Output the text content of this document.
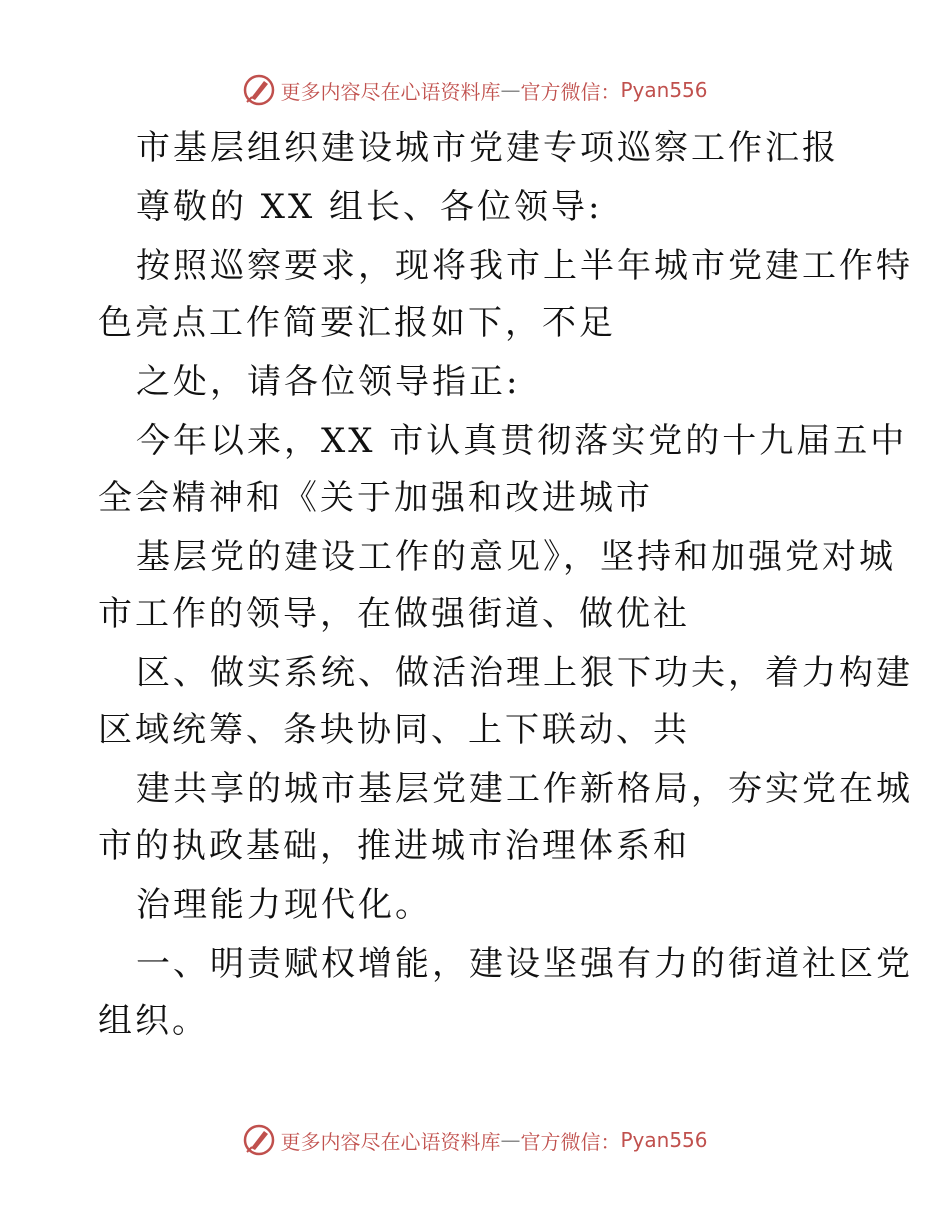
更多内容尽在心语资料库 — 官方微信： Pyan556

市基层组织建设城市党建专项巡察工作汇报

尊敬的 XX 组长、各位领导:

按照巡察要求，现将我市上半年城市党建工作特

色亮点工作简要汇报如下，不足

之处，请各位领导指正:

今年以来，XX 市认真贯彻落实党的十九届五中

全会精神和《关于加强和改进城市

基层党的建设工作的意见》，坚持和加强党对城

市工作的领导，在做强街道、做优社

区、做实系统、做活治理上狠下功夫，着力构建

区域统筹、条块协同、上下联动、共

建共享的城市基层党建工作新格局，夯实党在城

市的执政基础，推进城市治理体系和

治理能力现代化。

一、明责赋权增能，建设坚强有力的街道社区党

组织。

更多内容尽在心语资料库 — 官方微信： Pyan556
